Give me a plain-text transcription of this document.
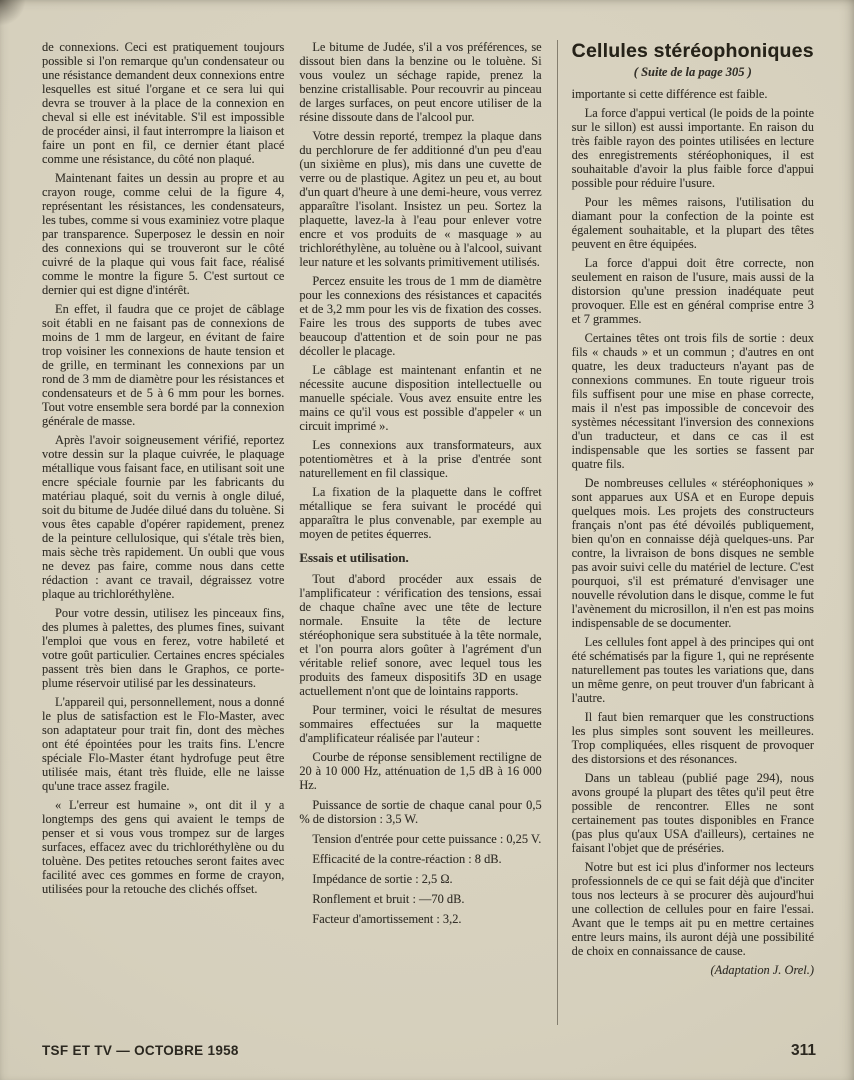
de connexions. Ceci est pratiquement toujours possible si l'on remarque qu'un condensateur ou une résistance demandent deux connexions entre lesquelles est situé l'organe et ce sera lui qui devra se trouver à la place de la connexion en cheval si elle est inévitable. S'il est impossible de procéder ainsi, il faut interrompre la liaison et faire un pont en fil, ce dernier étant placé comme une résistance, du côté non plaqué.

Maintenant faites un dessin au propre et au crayon rouge, comme celui de la figure 4, représentant les résistances, les condensateurs, les tubes, comme si vous examiniez votre plaque par transparence. Superposez le dessin en noir des connexions qui se trouveront sur le côté cuivré de la plaque qui vous fait face, réalisé comme le montre la figure 5. C'est surtout ce dernier qui est digne d'intérêt.

En effet, il faudra que ce projet de câblage soit établi en ne faisant pas de connexions de moins de 1 mm de largeur, en évitant de faire trop voisiner les connexions de haute tension et de grille, en terminant les connexions par un rond de 3 mm de diamètre pour les résistances et condensateurs et de 5 à 6 mm pour les bornes. Tout votre ensemble sera bordé par la connexion générale de masse.

Après l'avoir soigneusement vérifié, reportez votre dessin sur la plaque cuivrée, le plaquage métallique vous faisant face, en utilisant soit une encre spéciale fournie par les fabricants du matériau plaqué, soit du vernis à ongle dilué, soit du bitume de Judée dilué dans du toluène. Si vous êtes capable d'opérer rapidement, prenez de la peinture cellulosique, qui s'étale très bien, mais sèche très rapidement. Un oubli que vous ne devez pas faire, comme nous dans cette rédaction : avant ce travail, dégraissez votre plaque au trichloréthylène.

Pour votre dessin, utilisez les pinceaux fins, des plumes à palettes, des plumes fines, suivant l'emploi que vous en ferez, votre habileté et votre goût particulier. Certaines encres spéciales passent très bien dans le Graphos, ce porte-plume réservoir utilisé par les dessinateurs.

L'appareil qui, personnellement, nous a donné le plus de satisfaction est le Flo-Master, avec son adaptateur pour trait fin, dont des mèches ont été épointées pour les traits fins. L'encre spéciale Flo-Master étant hydrofuge peut être utilisée mais, étant très fluide, elle ne laisse qu'une trace assez fragile.

« L'erreur est humaine », ont dit il y a longtemps des gens qui avaient le temps de penser et si vous vous trompez sur de larges surfaces, effacez avec du trichloréthylène ou du toluène. Des petites retouches seront faites avec facilité avec ces gommes en forme de crayon, utilisées pour la retouche des clichés offset.

Le bitume de Judée, s'il a vos préférences, se dissout bien dans la benzine ou le toluène. Si vous voulez un séchage rapide, prenez la benzine cristallisable. Pour recouvrir au pinceau de larges surfaces, on peut encore utiliser de la résine dissoute dans de l'alcool pur.

Votre dessin reporté, trempez la plaque dans du perchlorure de fer additionné d'un peu d'eau (un sixième en plus), mis dans une cuvette de verre ou de plastique. Agitez un peu et, au bout d'un quart d'heure à une demi-heure, vous verrez apparaître l'isolant. Insistez un peu. Sortez la plaquette, lavez-la à l'eau pour enlever votre encre et vos produits de « masquage » au trichloréthylène, au toluène ou à l'alcool, suivant leur nature et les solvants primitivement utilisés.

Percez ensuite les trous de 1 mm de diamètre pour les connexions des résistances et capacités et de 3,2 mm pour les vis de fixation des cosses. Faire les trous des supports de tubes avec beaucoup d'attention et de soin pour ne pas décoller le placage.

Le câblage est maintenant enfantin et ne nécessite aucune disposition intellectuelle ou manuelle spéciale. Vous avez ensuite entre les mains ce qu'il vous est possible d'appeler « un circuit imprimé ».

Les connexions aux transformateurs, aux potentiomètres et à la prise d'entrée sont naturellement en fil classique.

La fixation de la plaquette dans le coffret métallique se fera suivant le procédé qui apparaîtra le plus convenable, par exemple au moyen de petites équerres.

Essais et utilisation.

Tout d'abord procéder aux essais de l'amplificateur : vérification des tensions, essai de chaque chaîne avec une tête de lecture normale. Ensuite la tête de lecture stéréophonique sera substituée à la tête normale, et l'on pourra alors goûter à l'agrément d'un véritable relief sonore, avec lequel tous les produits des fameux dispositifs 3D en usage actuellement n'ont que de lointains rapports.

Pour terminer, voici le résultat de mesures sommaires effectuées sur la maquette d'amplificateur réalisée par l'auteur :

Courbe de réponse sensiblement rectiligne de 20 à 10 000 Hz, atténuation de 1,5 dB à 16 000 Hz.

Puissance de sortie de chaque canal pour 0,5 % de distorsion : 3,5 W.

Tension d'entrée pour cette puissance : 0,25 V.

Efficacité de la contre-réaction : 8 dB.

Impédance de sortie : 2,5 Ω.

Ronflement et bruit : —70 dB.

Facteur d'amortissement : 3,2.

Cellules stéréophoniques
( Suite de la page 305 )

importante si cette différence est faible.

La force d'appui vertical (le poids de la pointe sur le sillon) est aussi importante. En raison du très faible rayon des pointes utilisées en lecture des enregistrements stéréophoniques, il est souhaitable d'avoir la plus faible force d'appui possible pour réduire l'usure.

Pour les mêmes raisons, l'utilisation du diamant pour la confection de la pointe est également souhaitable, et la plupart des têtes peuvent en être équipées.

La force d'appui doit être correcte, non seulement en raison de l'usure, mais aussi de la distorsion qu'une pression inadéquate peut provoquer. Elle est en général comprise entre 3 et 7 grammes.

Certaines têtes ont trois fils de sortie : deux fils « chauds » et un commun ; d'autres en ont quatre, les deux traducteurs n'ayant pas de connexions communes. En toute rigueur trois fils suffisent pour une mise en phase correcte, mais il n'est pas impossible de concevoir des systèmes nécessitant l'inversion des connexions d'un traducteur, et dans ce cas il est indispensable que les sorties se fassent par quatre fils.

De nombreuses cellules « stéréophoniques » sont apparues aux USA et en Europe depuis quelques mois. Les projets des constructeurs français n'ont pas été dévoilés publiquement, bien qu'on en connaisse déjà quelques-uns. Par contre, la livraison de bons disques ne semble pas avoir suivi celle du matériel de lecture. C'est pourquoi, s'il est prématuré d'envisager une nouvelle révolution dans le disque, comme le fut l'avènement du microsillon, il n'en est pas moins indispensable de se documenter.

Les cellules font appel à des principes qui ont été schématisés par la figure 1, qui ne représente naturellement pas toutes les variations que, dans un même genre, on peut trouver d'un fabricant à l'autre.

Il faut bien remarquer que les constructions les plus simples sont souvent les meilleures. Trop compliquées, elles risquent de provoquer des distorsions et des résonances.

Dans un tableau (publié page 294), nous avons groupé la plupart des têtes qu'il peut être possible de rencontrer. Elles ne sont certainement pas toutes disponibles en France (pas plus qu'aux USA d'ailleurs), certaines ne faisant l'objet que de préséries.

Notre but est ici plus d'informer nos lecteurs professionnels de ce qui se fait déjà que d'inciter tous nos lecteurs à se procurer dès aujourd'hui une collection de cellules pour en faire l'essai. Avant que le temps ait pu en mettre certaines entre leurs mains, ils auront déjà une possibilité de choix en connaissance de cause.

(Adaptation J. Orel.)
TSF ET TV — OCTOBRE 1958	311
